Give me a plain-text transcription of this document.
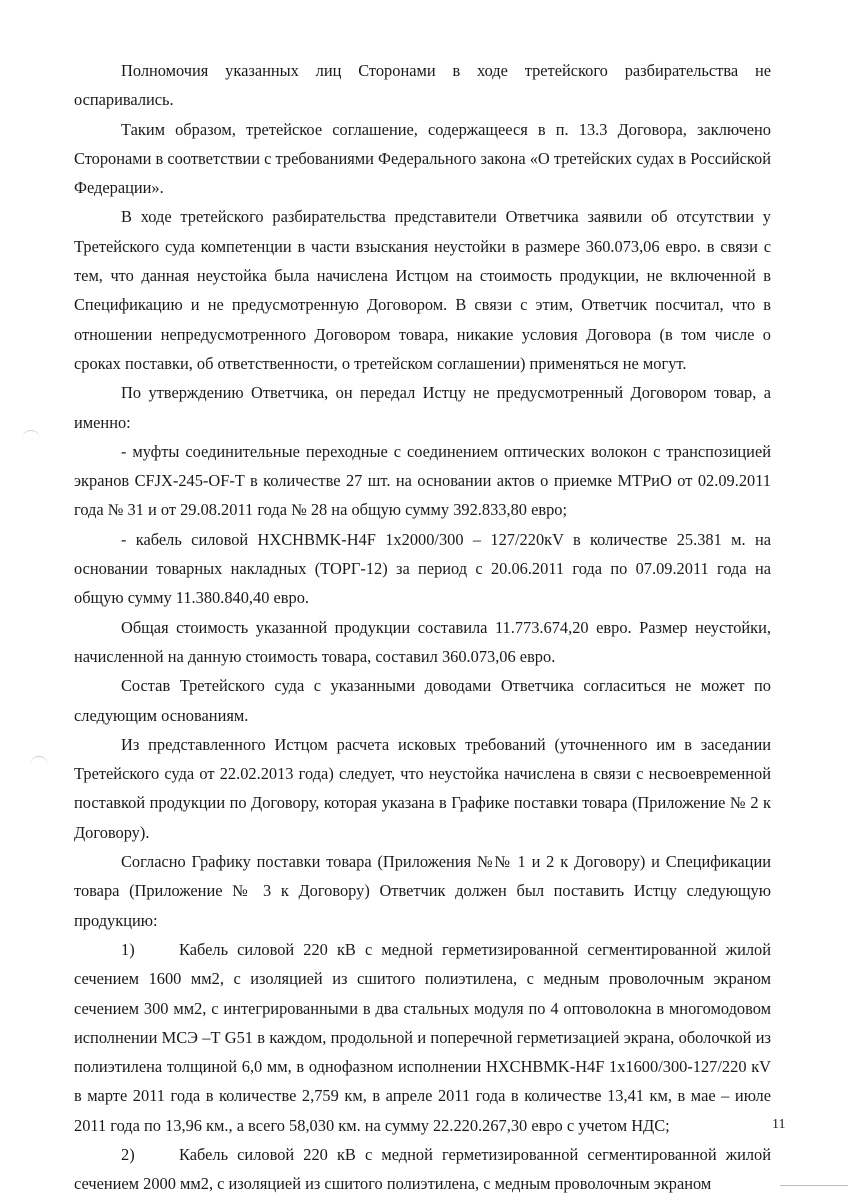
Полномочия указанных лиц Сторонами в ходе третейского разбирательства не оспаривались.

Таким образом, третейское соглашение, содержащееся в п. 13.3 Договора, заключено Сторонами в соответствии с требованиями Федерального закона «О третейских судах в Российской Федерации».

В ходе третейского разбирательства представители Ответчика заявили об отсутствии у Третейского суда компетенции в части взыскания неустойки в размере 360.073,06 евро. в связи с тем, что данная неустойка была начислена Истцом на стоимость продукции, не включенной в Спецификацию и не предусмотренную Договором. В связи с этим, Ответчик посчитал, что в отношении непредусмотренного Договором товара, никакие условия Договора (в том числе о сроках поставки, об ответственности, о третейском соглашении) применяться не могут.

По утверждению Ответчика, он передал Истцу не предусмотренный Договором товар, а именно:

- муфты соединительные переходные с соединением оптических волокон с транспозицией экранов CFJX-245-OF-T в количестве 27 шт. на основании актов о приемке МТРиО от 02.09.2011 года № 31 и от 29.08.2011 года № 28 на общую сумму 392.833,80 евро;

- кабель силовой HXCHBMK-H4F 1x2000/300 – 127/220кV в количестве 25.381 м. на основании товарных накладных (ТОРГ-12) за период с 20.06.2011 года по 07.09.2011 года на общую сумму 11.380.840,40 евро.

Общая стоимость указанной продукции составила 11.773.674,20 евро. Размер неустойки, начисленной на данную стоимость товара, составил 360.073,06 евро.

Состав Третейского суда с указанными доводами Ответчика согласиться не может по следующим основаниям.

Из представленного Истцом расчета исковых требований (уточненного им в заседании Третейского суда от 22.02.2013 года) следует, что неустойка начислена в связи с несвоевременной поставкой продукции по Договору, которая указана в Графике поставки товара (Приложение № 2 к Договору).

Согласно Графику поставки товара (Приложения №№ 1 и 2 к Договору) и Спецификации товара (Приложение № 3 к Договору) Ответчик должен был поставить Истцу следующую продукцию:

1)	Кабель силовой 220 кВ с медной герметизированной сегментированной жилой сечением 1600 мм2, с изоляцией из сшитого полиэтилена, с медным проволочным экраном сечением 300 мм2, с интегрированными в два стальных модуля по 4 оптоволокна в многомодовом исполнении МСЭ –Т G51 в каждом, продольной и поперечной герметизацией экрана, оболочкой из полиэтилена толщиной 6,0 мм, в однофазном исполнении HXCHBMK-H4F 1x1600/300-127/220 кV в марте 2011 года в количестве 2,759 км, в апреле 2011 года в количестве 13,41 км, в мае – июле 2011 года по 13,96 км., а всего 58,030 км. на сумму 22.220.267,30 евро с учетом НДС;

2)	Кабель силовой 220 кВ с медной герметизированной сегментированной жилой сечением 2000 мм2, с изоляцией из сшитого полиэтилена, с медным проволочным экраном

11
